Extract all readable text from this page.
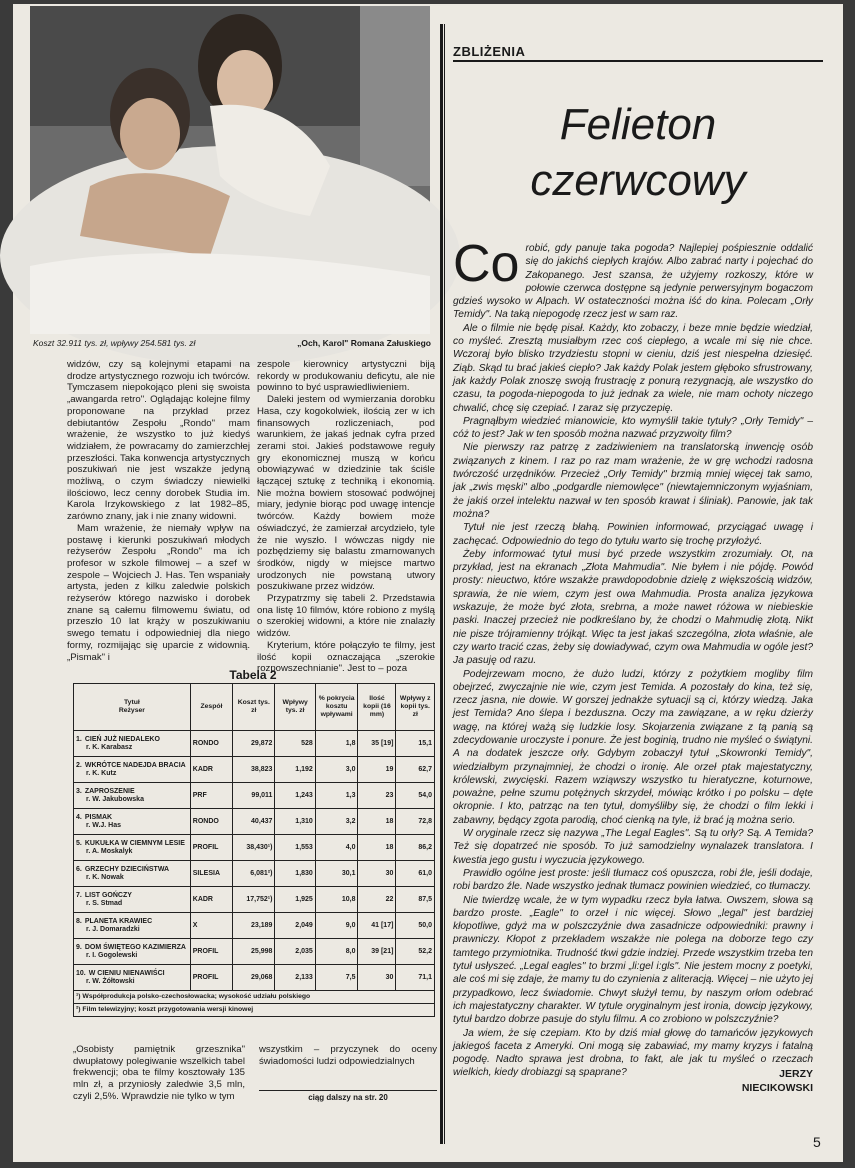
Koszt 32.911 tys. zł, wpływy 254.581 tys. zł	„Och, Karol" Romana Załuskiego

widzów, czy są kolejnymi etapami na drodze artystycznego rozwoju ich twórców. Tymczasem niepokojąco pleni się swoista „awangarda retro". Oglądając kolejne filmy proponowane na przykład przez debiutantów Zespołu „Rondo" mam wrażenie, że wszystko to już kiedyś widziałem, że powracamy do zamierzchłej przeszłości. Taka konwencja artystycznych poszukiwań nie jest wszakże jedyną możliwą, o czym świadczy niewielki ilościowo, lecz cenny dorobek Studia im. Karola Irzykowskiego z lat 1982–85, zarówno znany, jak i nie znany widowni.

Mam wrażenie, że niemały wpływ na postawę i kierunki poszukiwań młodych reżyserów Zespołu „Rondo" ma ich profesor w szkole filmowej – a szef w zespole – Wojciech J. Has. Ten wspaniały artysta, jeden z kilku zaledwie polskich reżyserów którego nazwisko i dorobek znane są całemu filmowemu światu, od przeszło 10 lat krąży w poszukiwaniu swego tematu i odpowiedniej dla niego formy, rozmijając się uparcie z widownią. „Pismak" i

zespole kierownicy artystyczni biją rekordy w produkowaniu deficytu, ale nie powinno to być usprawiedliwieniem.

Daleki jestem od wymierzania dorobku Hasa, czy kogokolwiek, ilością zer w ich finansowych rozliczeniach, pod warunkiem, że jakaś jednak cyfra przed zerami stoi. Jakieś podstawowe reguły gry ekonomicznej muszą w końcu obowiązywać w dziedzinie tak ściśle łączącej sztukę z techniką i ekonomią. Nie można bowiem stosować podwójnej miary, jedynie biorąc pod uwagę intencje twórców. Każdy bowiem może oświadczyć, że zamierzał arcydzieło, tyle że nie wyszło. I wówczas nigdy nie pozbędziemy się balastu zmarnowanych środków, nigdy w miejsce martwo urodzonych nie powstaną utwory poszukiwane przez widzów.

Przypatrzmy się tabeli 2. Przedstawia ona listę 10 filmów, które robiono z myślą o szerokiej widowni, a które nie znalazły widzów.

Kryterium, które połączyło te filmy, jest ilość kopii oznaczająca „szerokie rozpowszechnianie". Jest to – poza

Tabela 2
Tytuł
Reżyser	Zespół	Koszt tys. zł	Wpływy tys. zł	% pokrycia kosztu wpływami	Ilość kopii (16 mm)	Wpływy z kopii tys. zł

1. CIEŃ JUŻ NIEDALEKO
r. K. Karabasz	RONDO	29,872	528	1,8	35 [19]	15,1

2. WKRÓTCE NADEJDA BRACIA
r. K. Kutz	KADR	38,823	1,192	3,0	19	62,7

3. ZAPROSZENIE
r. W. Jakubowska	PRF	99,011	1,243	1,3	23	54,0

4. PISMAK
r. W.J. Has	RONDO	40,437	1,310	3,2	18	72,8

5. KUKUŁKA W CIEMNYM LESIE
r. A. Moskalyk	PROFIL	38,430¹)	1,553	4,0	18	86,2

6. GRZECHY DZIECIŃSTWA
r. K. Nowak	SILESIA	6,081²)	1,830	30,1	30	61,0

7. LIST GOŃCZY
r. S. Stmad	KADR	17,752¹)	1,925	10,8	22	87,5

8. PLANETA KRAWIEC
r. J. Domaradzki	X	23,189	2,049	9,0	41 [17]	50,0

9. DOM ŚWIĘTEGO KAZIMIERZA
r. I. Gogolewski	PROFIL	25,998	2,035	8,0	39 [21]	52,2

10. W CIENIU NIENAWIŚCI
r. W. Żółtowski	PROFIL	29,068	2,133	7,5	30	71,1
¹) Współprodukcja polsko-czechosłowacka; wysokość udziału polskiego						
²) Film telewizyjny; koszt przygotowania wersji kinowej						

„Osobisty pamiętnik grzesznika" dwupłatowy polegiwanie wszelkich tabel frekwencji; oba te filmy kosztowały 135 mln zł, a przyniosły zaledwie 3,5 mln, czyli 2,5%. Wprawdzie nie tylko w tym

wszystkim – przyczynek do oceny świadomości ludzi odpowiedzialnych

ciąg dalszy na str. 20
ZBLIŻENIA
Felieton
czerwcowy
Co robić, gdy panuje taka pogoda? Najlepiej pośpiesznie oddalić się do jakichś ciepłych krajów. Albo zabrać narty i pojechać do Zakopanego. Jest szansa, że użyjemy rozkoszy, które w połowie czerwca dostępne są jedynie perwersyjnym bogaczom gdzieś wysoko w Alpach. W ostateczności można iść do kina. Polecam „Orły Temidy". Na taką niepogodę rzecz jest w sam raz.

Ale o filmie nie będę pisał. Każdy, kto zobaczy, i beze mnie będzie wiedział, co myśleć. Zresztą musiałbym rzec coś ciepłego, a wcale mi się nie chce. Wczoraj było blisko trzydziestu stopni w cieniu, dziś jest niespełna dziesięć. Ziąb. Skąd tu brać jakieś ciepło? Jak każdy Polak jestem głęboko sfrustrowany, jak każdy Polak znoszę swoją frustrację z ponurą rezygnacją, ale wszystko do czasu, ta pogoda-niepogoda to już jednak za wiele, nie mam ochoty niczego chwalić, chcę się czepiać. I zaraz się przyczepię.

Pragnąłbym wiedzieć mianowicie, kto wymyślił takie tytuły? „Orły Temidy" – cóż to jest? Jak w ten sposób można nazwać przyzwoity film?

Nie pierwszy raz patrzę z zadziwieniem na translatorską inwencję osób związanych z kinem. I raz po raz mam wrażenie, że w grę wchodzi radosna twórczość urzędników. Przecież „Orły Temidy" brzmią mniej więcej tak samo, jak „zwis męski" albo „podgardle niemowlęce" (niewtajemniczonym wyjaśniam, że jakiś orzeł intelektu nazwał w ten sposób krawat i śliniak). Panowie, jak tak można?

Tytuł nie jest rzeczą błahą. Powinien informować, przyciągać uwagę i zachęcać. Odpowiednio do tego do tytułu warto się trochę przyłożyć.

Żeby informować tytuł musi być przede wszystkim zrozumiały. Ot, na przykład, jest na ekranach „Złota Mahmudia". Nie byłem i nie pójdę. Powód prosty: nieuctwo, które wszakże prawdopodobnie dzielę z większością widzów, sprawia, że nie wiem, czym jest owa Mahmudia. Prosta analiza językowa wskazuje, że może być złota, srebrna, a może nawet różowa w niebieskie paski. Inaczej przecież nie podkreślano by, że chodzi o Mahmudię złotą. Nikt nie pisze trójramienny trójkąt. Więc ta jest jakaś szczególna, złota właśnie, ale czy warto tracić czas, żeby się dowiadywać, czym owa Mahmudia w ogóle jest? Ja pasuję od razu.

Podejrzewam mocno, że dużo ludzi, którzy z pożytkiem mogliby film obejrzeć, zwyczajnie nie wie, czym jest Temida. A pozostały do kina, też się, rzecz jasna, nie dowie. W gorszej jednakże sytuacji są ci, którzy wiedzą. Jaka jest Temida? Ano ślepa i bezduszna. Oczy ma zawiązane, a w ręku dzierży wagę, na której ważą się ludzkie losy. Skojarzenia związane z tą panią są zdecydowanie uroczyste i ponure. Że jest boginią, trudno nie myśleć o świątyni. A na dodatek jeszcze orły. Gdybym zobaczył tytuł „Skowronki Temidy", wiedziałbym przynajmniej, że chodzi o ironię. Ale orzeł ptak majestatyczny, królewski, zwycięski. Razem wziąwszy wszystko tu hieratyczne, koturnowe, poważne, pełne szumu potężnych skrzydeł, mówiąc krótko i po polsku – dęte okropnie. I kto, patrząc na ten tytuł, domyśliłby się, że chodzi o film lekki i zabawny, będący zgota parodią, choć cienką na tyle, iż brać ją można serio.

W oryginale rzecz się nazywa „The Legal Eagles". Są tu orły? Są. A Temida? Też się dopatrzeć nie sposób. To już samodzielny wynalazek translatora. I kwestia jego gustu i wyczucia językowego.

Prawidło ogólne jest proste: jeśli tłumacz coś opuszcza, robi źle, jeśli dodaje, robi bardzo źle. Nade wszystko jednak tłumacz powinien wiedzieć, co tłumaczy.

Nie twierdzę wcale, że w tym wypadku rzecz była łatwa. Owszem, słowa są bardzo proste. „Eagle" to orzeł i nic więcej. Słowo „legal" jest bardziej kłopotliwe, gdyż ma w polszczyźnie dwa zasadnicze odpowiedniki: prawny i prawniczy. Kłopot z przekładem wszakże nie polega na doborze tego czy tamtego przymiotnika. Trudność tkwi gdzie indziej. Przede wszystkim trzeba ten tytuł usłyszeć. „Legal eagles" to brzmi „li:gel i:gls". Nie jestem mocny z poetyki, ale coś mi się zdaje, że mamy tu do czynienia z aliteracją. Więcej – nie użyto jej przypadkowo, lecz świadomie. Chwyt służył temu, by naszym orłom odebrać ich majestatyczny charakter. W tytule oryginalnym jest ironia, dowcip językowy, tytuł bardzo dobrze pasuje do stylu filmu. A co zrobiono w polszczyźnie?

Ja wiem, że się czepiam. Kto by dziś miał głowę do tamańców językowych jakiegoś faceta z Ameryki. Oni mogą się zabawiać, my mamy kryzys i fatalną pogodę. Nadto sprawa jest drobna, to fakt, ale jak tu myśleć o rzeczach wielkich, kiedy drobiazgi są spaprane?	JERZY
NIECIKOWSKI
5
